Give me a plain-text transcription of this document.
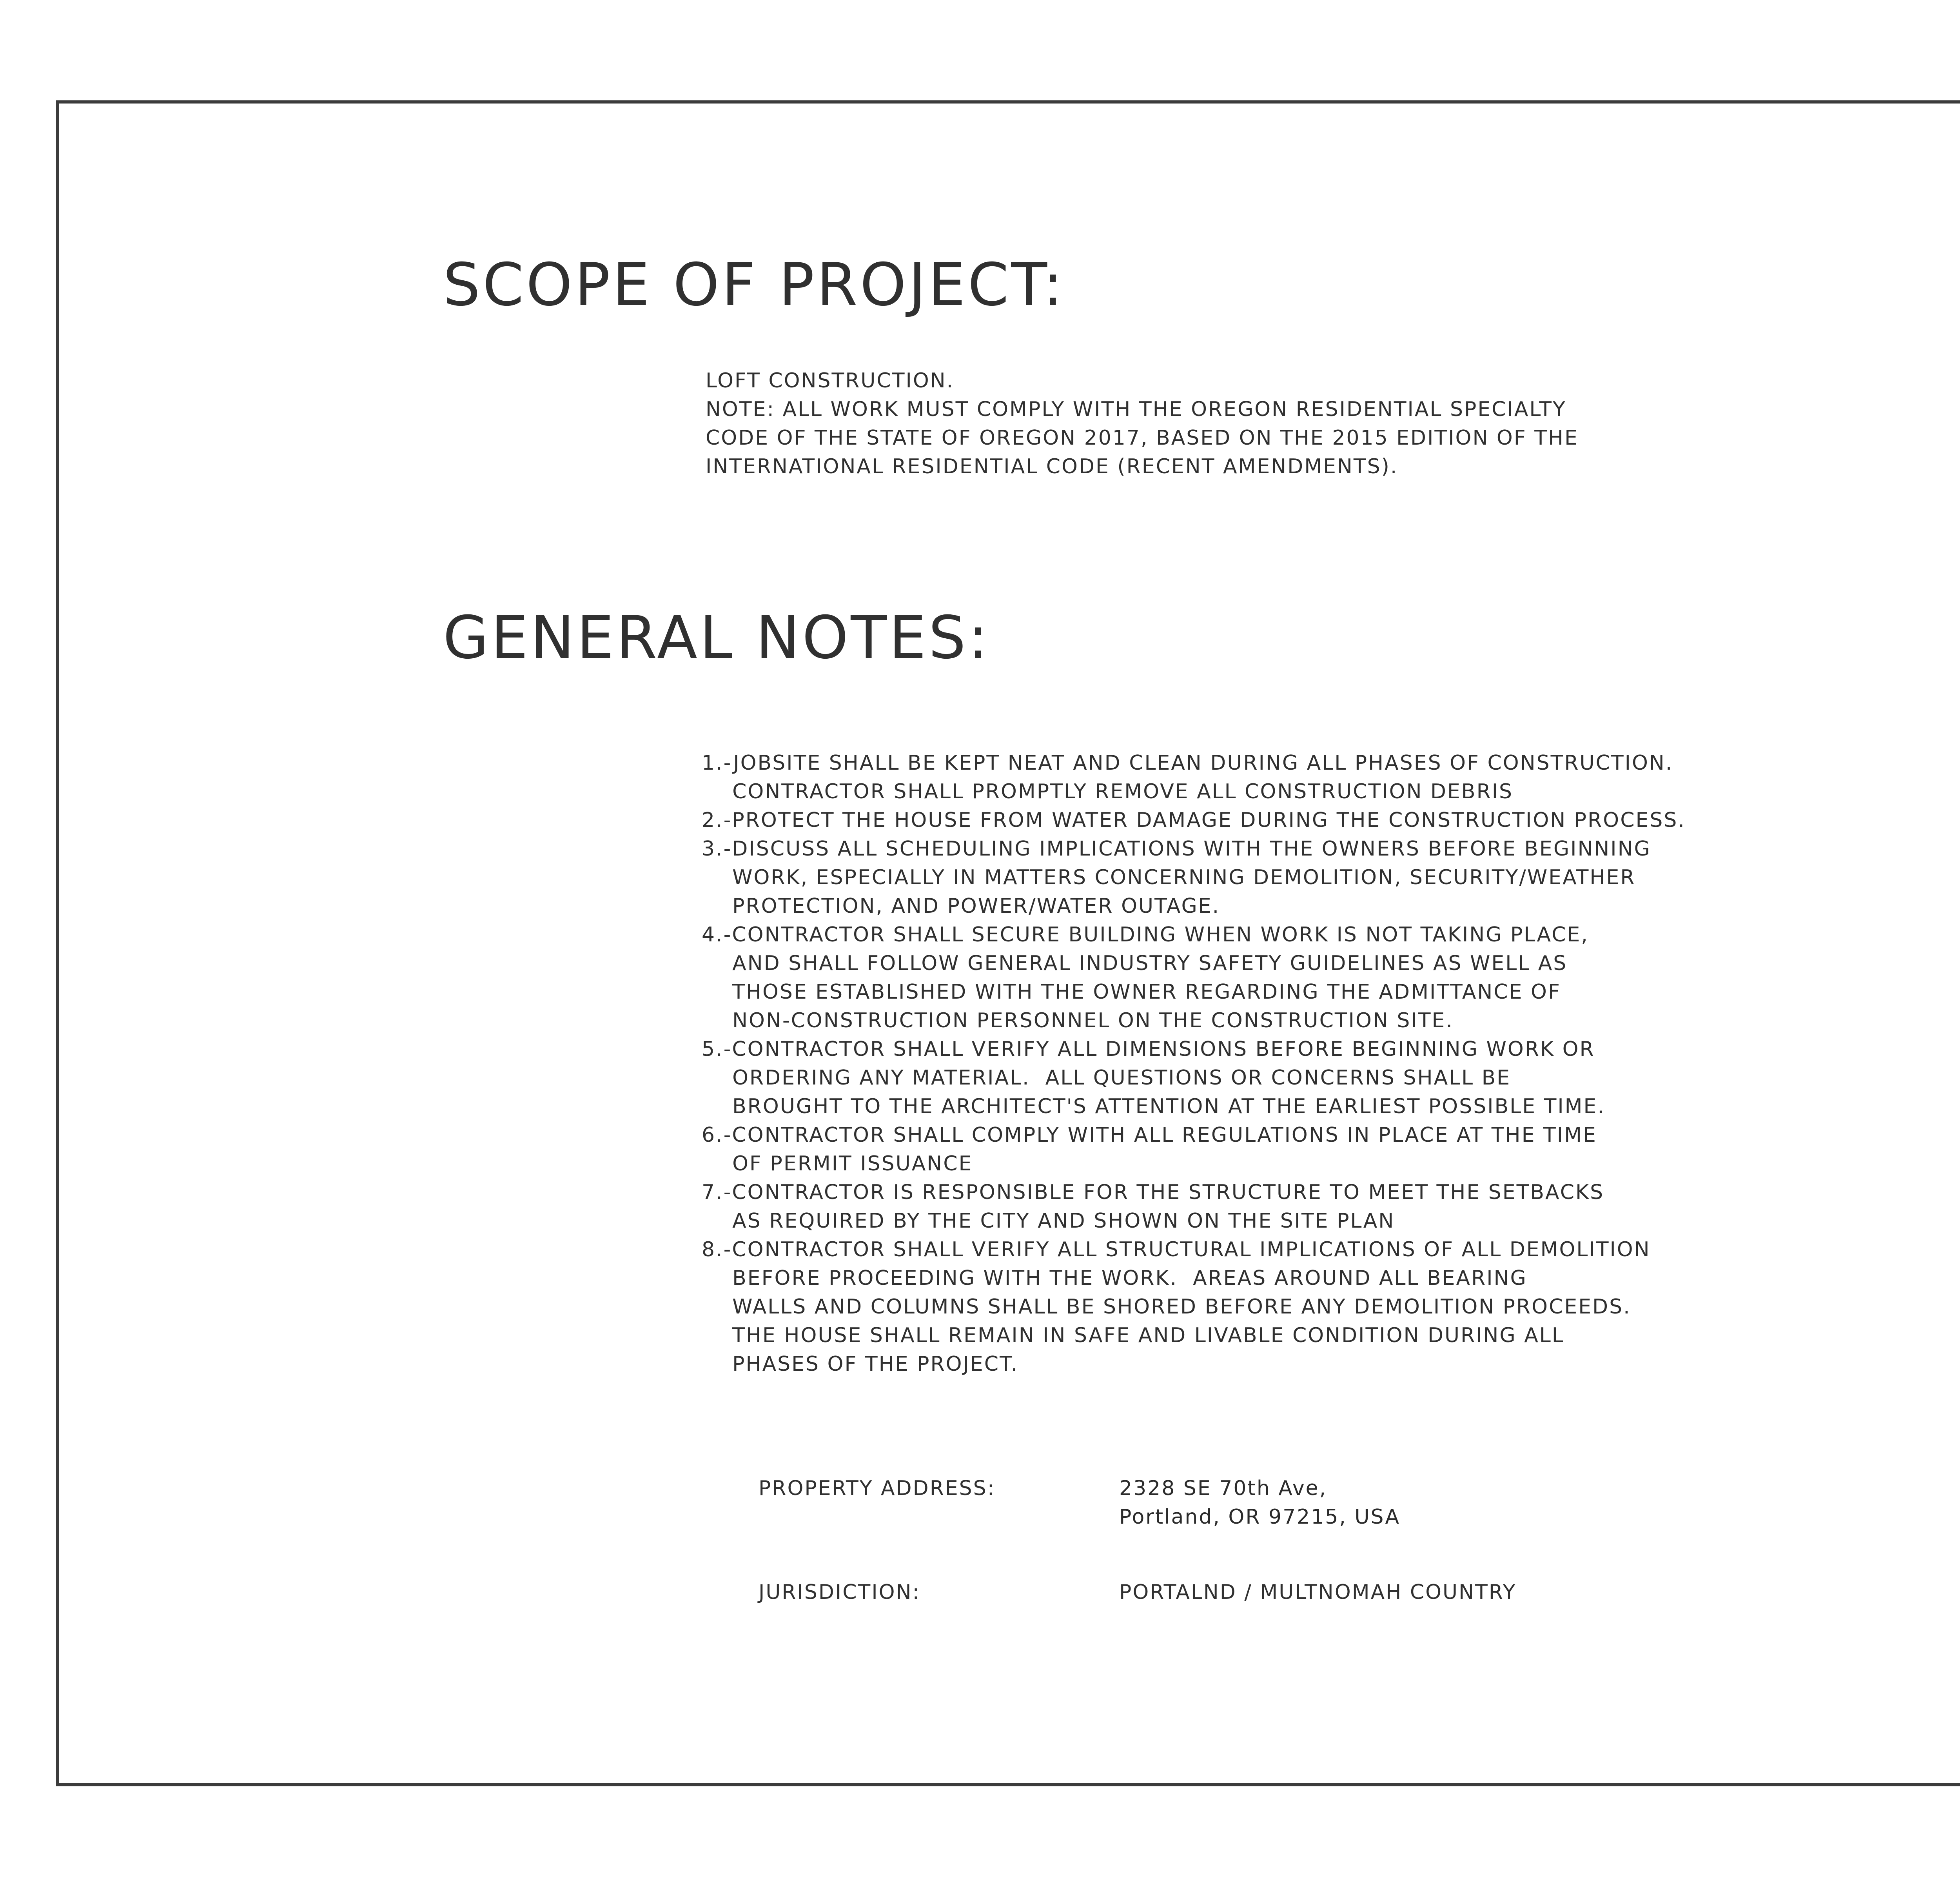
SCOPE OF PROJECT:
LOFT CONSTRUCTION.
NOTE: ALL WORK MUST COMPLY WITH THE OREGON RESIDENTIAL SPECIALTY
CODE OF THE STATE OF OREGON 2017, BASED ON THE 2015 EDITION OF THE
INTERNATIONAL RESIDENTIAL CODE (RECENT AMENDMENTS).
GENERAL NOTES:
1.-JOBSITE SHALL BE KEPT NEAT AND CLEAN DURING ALL PHASES OF CONSTRUCTION.
CONTRACTOR SHALL PROMPTLY REMOVE ALL CONSTRUCTION DEBRIS
2.-PROTECT THE HOUSE FROM WATER DAMAGE DURING THE CONSTRUCTION PROCESS.
3.-DISCUSS ALL SCHEDULING IMPLICATIONS WITH THE OWNERS BEFORE BEGINNING
WORK, ESPECIALLY IN MATTERS CONCERNING DEMOLITION, SECURITY/WEATHER
PROTECTION, AND POWER/WATER OUTAGE.
4.-CONTRACTOR SHALL SECURE BUILDING WHEN WORK IS NOT TAKING PLACE,
AND SHALL FOLLOW GENERAL INDUSTRY SAFETY GUIDELINES AS WELL AS
THOSE ESTABLISHED WITH THE OWNER REGARDING THE ADMITTANCE OF
NON-CONSTRUCTION PERSONNEL ON THE CONSTRUCTION SITE.
5.-CONTRACTOR SHALL VERIFY ALL DIMENSIONS BEFORE BEGINNING WORK OR
ORDERING ANY MATERIAL.  ALL QUESTIONS OR CONCERNS SHALL BE
BROUGHT TO THE ARCHITECT'S ATTENTION AT THE EARLIEST POSSIBLE TIME.
6.-CONTRACTOR SHALL COMPLY WITH ALL REGULATIONS IN PLACE AT THE TIME
OF PERMIT ISSUANCE
7.-CONTRACTOR IS RESPONSIBLE FOR THE STRUCTURE TO MEET THE SETBACKS
AS REQUIRED BY THE CITY AND SHOWN ON THE SITE PLAN
8.-CONTRACTOR SHALL VERIFY ALL STRUCTURAL IMPLICATIONS OF ALL DEMOLITION
BEFORE PROCEEDING WITH THE WORK.  AREAS AROUND ALL BEARING
WALLS AND COLUMNS SHALL BE SHORED BEFORE ANY DEMOLITION PROCEEDS.
THE HOUSE SHALL REMAIN IN SAFE AND LIVABLE CONDITION DURING ALL
PHASES OF THE PROJECT.
PROPERTY ADDRESS:	2328 SE 70th Ave,
Portland, OR 97215, USA
JURISDICTION:	PORTALND / MULTNOMAH COUNTRY
